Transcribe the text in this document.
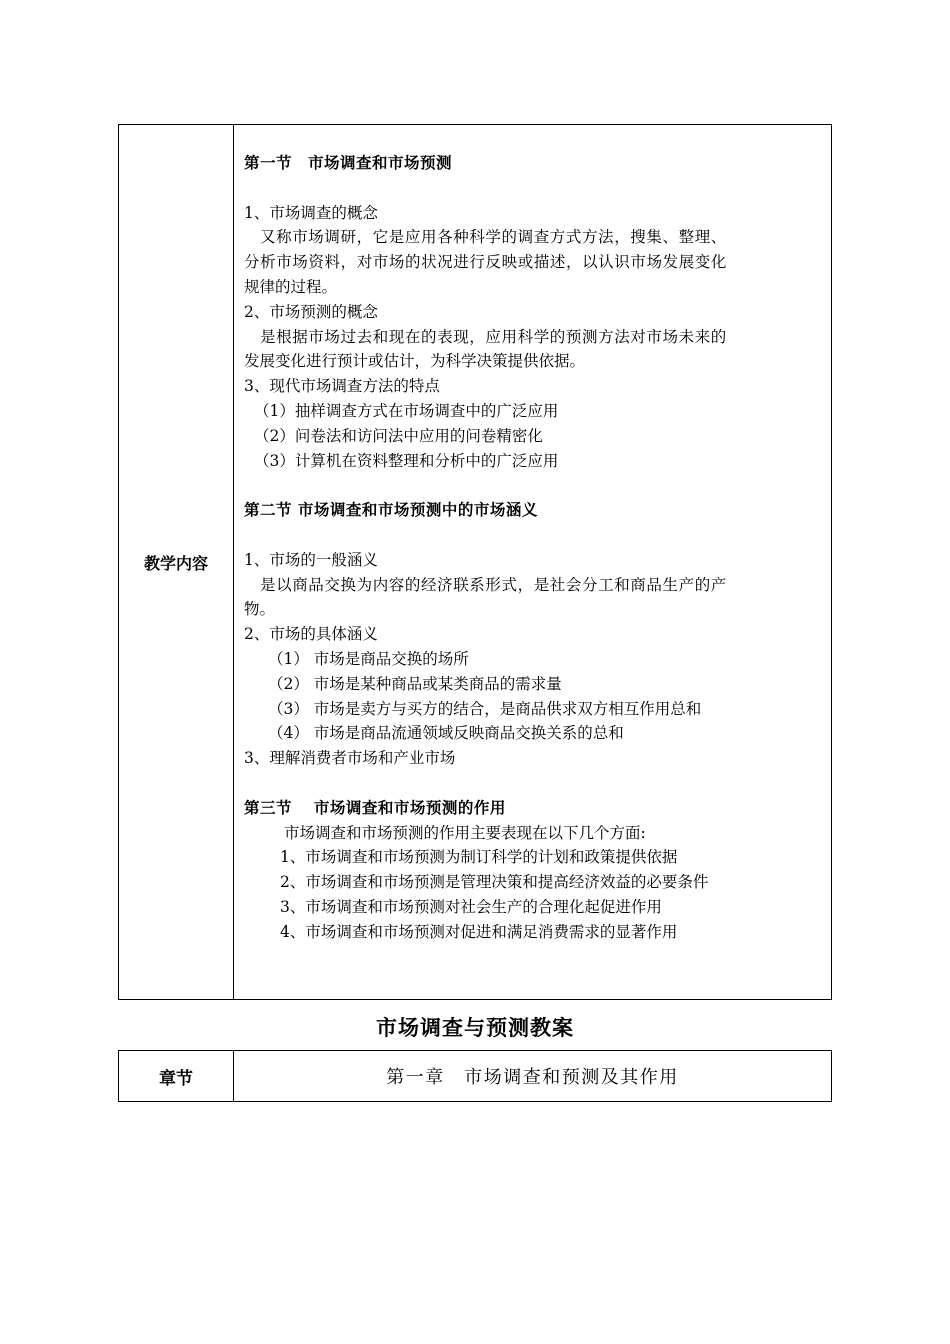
教学内容

第一节　市场调查和市场预测

1、市场调查的概念

又称市场调研，它是应用各种科学的调查方式方法，搜集、整理、

分析市场资料，对市场的状况进行反映或描述，以认识市场发展变化

规律的过程。

2、市场预测的概念

是根据市场过去和现在的表现，应用科学的预测方法对市场未来的

发展变化进行预计或估计，为科学决策提供依据。

3、现代市场调查方法的特点

（1）抽样调查方式在市场调查中的广泛应用

（2）问卷法和访问法中应用的问卷精密化

（3）计算机在资料整理和分析中的广泛应用

第二节 市场调查和市场预测中的市场涵义

1、市场的一般涵义

是以商品交换为内容的经济联系形式，是社会分工和商品生产的产

物。

2、市场的具体涵义

（1） 市场是商品交换的场所

（2） 市场是某种商品或某类商品的需求量

（3） 市场是卖方与买方的结合，是商品供求双方相互作用总和

（4） 市场是商品流通领域反映商品交换关系的总和

3、理解消费者市场和产业市场

第三节　 市场调查和市场预测的作用

市场调查和市场预测的作用主要表现在以下几个方面:

1、市场调查和市场预测为制订科学的计划和政策提供依据

2、市场调查和市场预测是管理决策和提高经济效益的必要条件

3、市场调查和市场预测对社会生产的合理化起促进作用

4、市场调查和市场预测对促进和满足消费需求的显著作用

市场调查与预测教案
章节	第一章　市场调查和预测及其作用
